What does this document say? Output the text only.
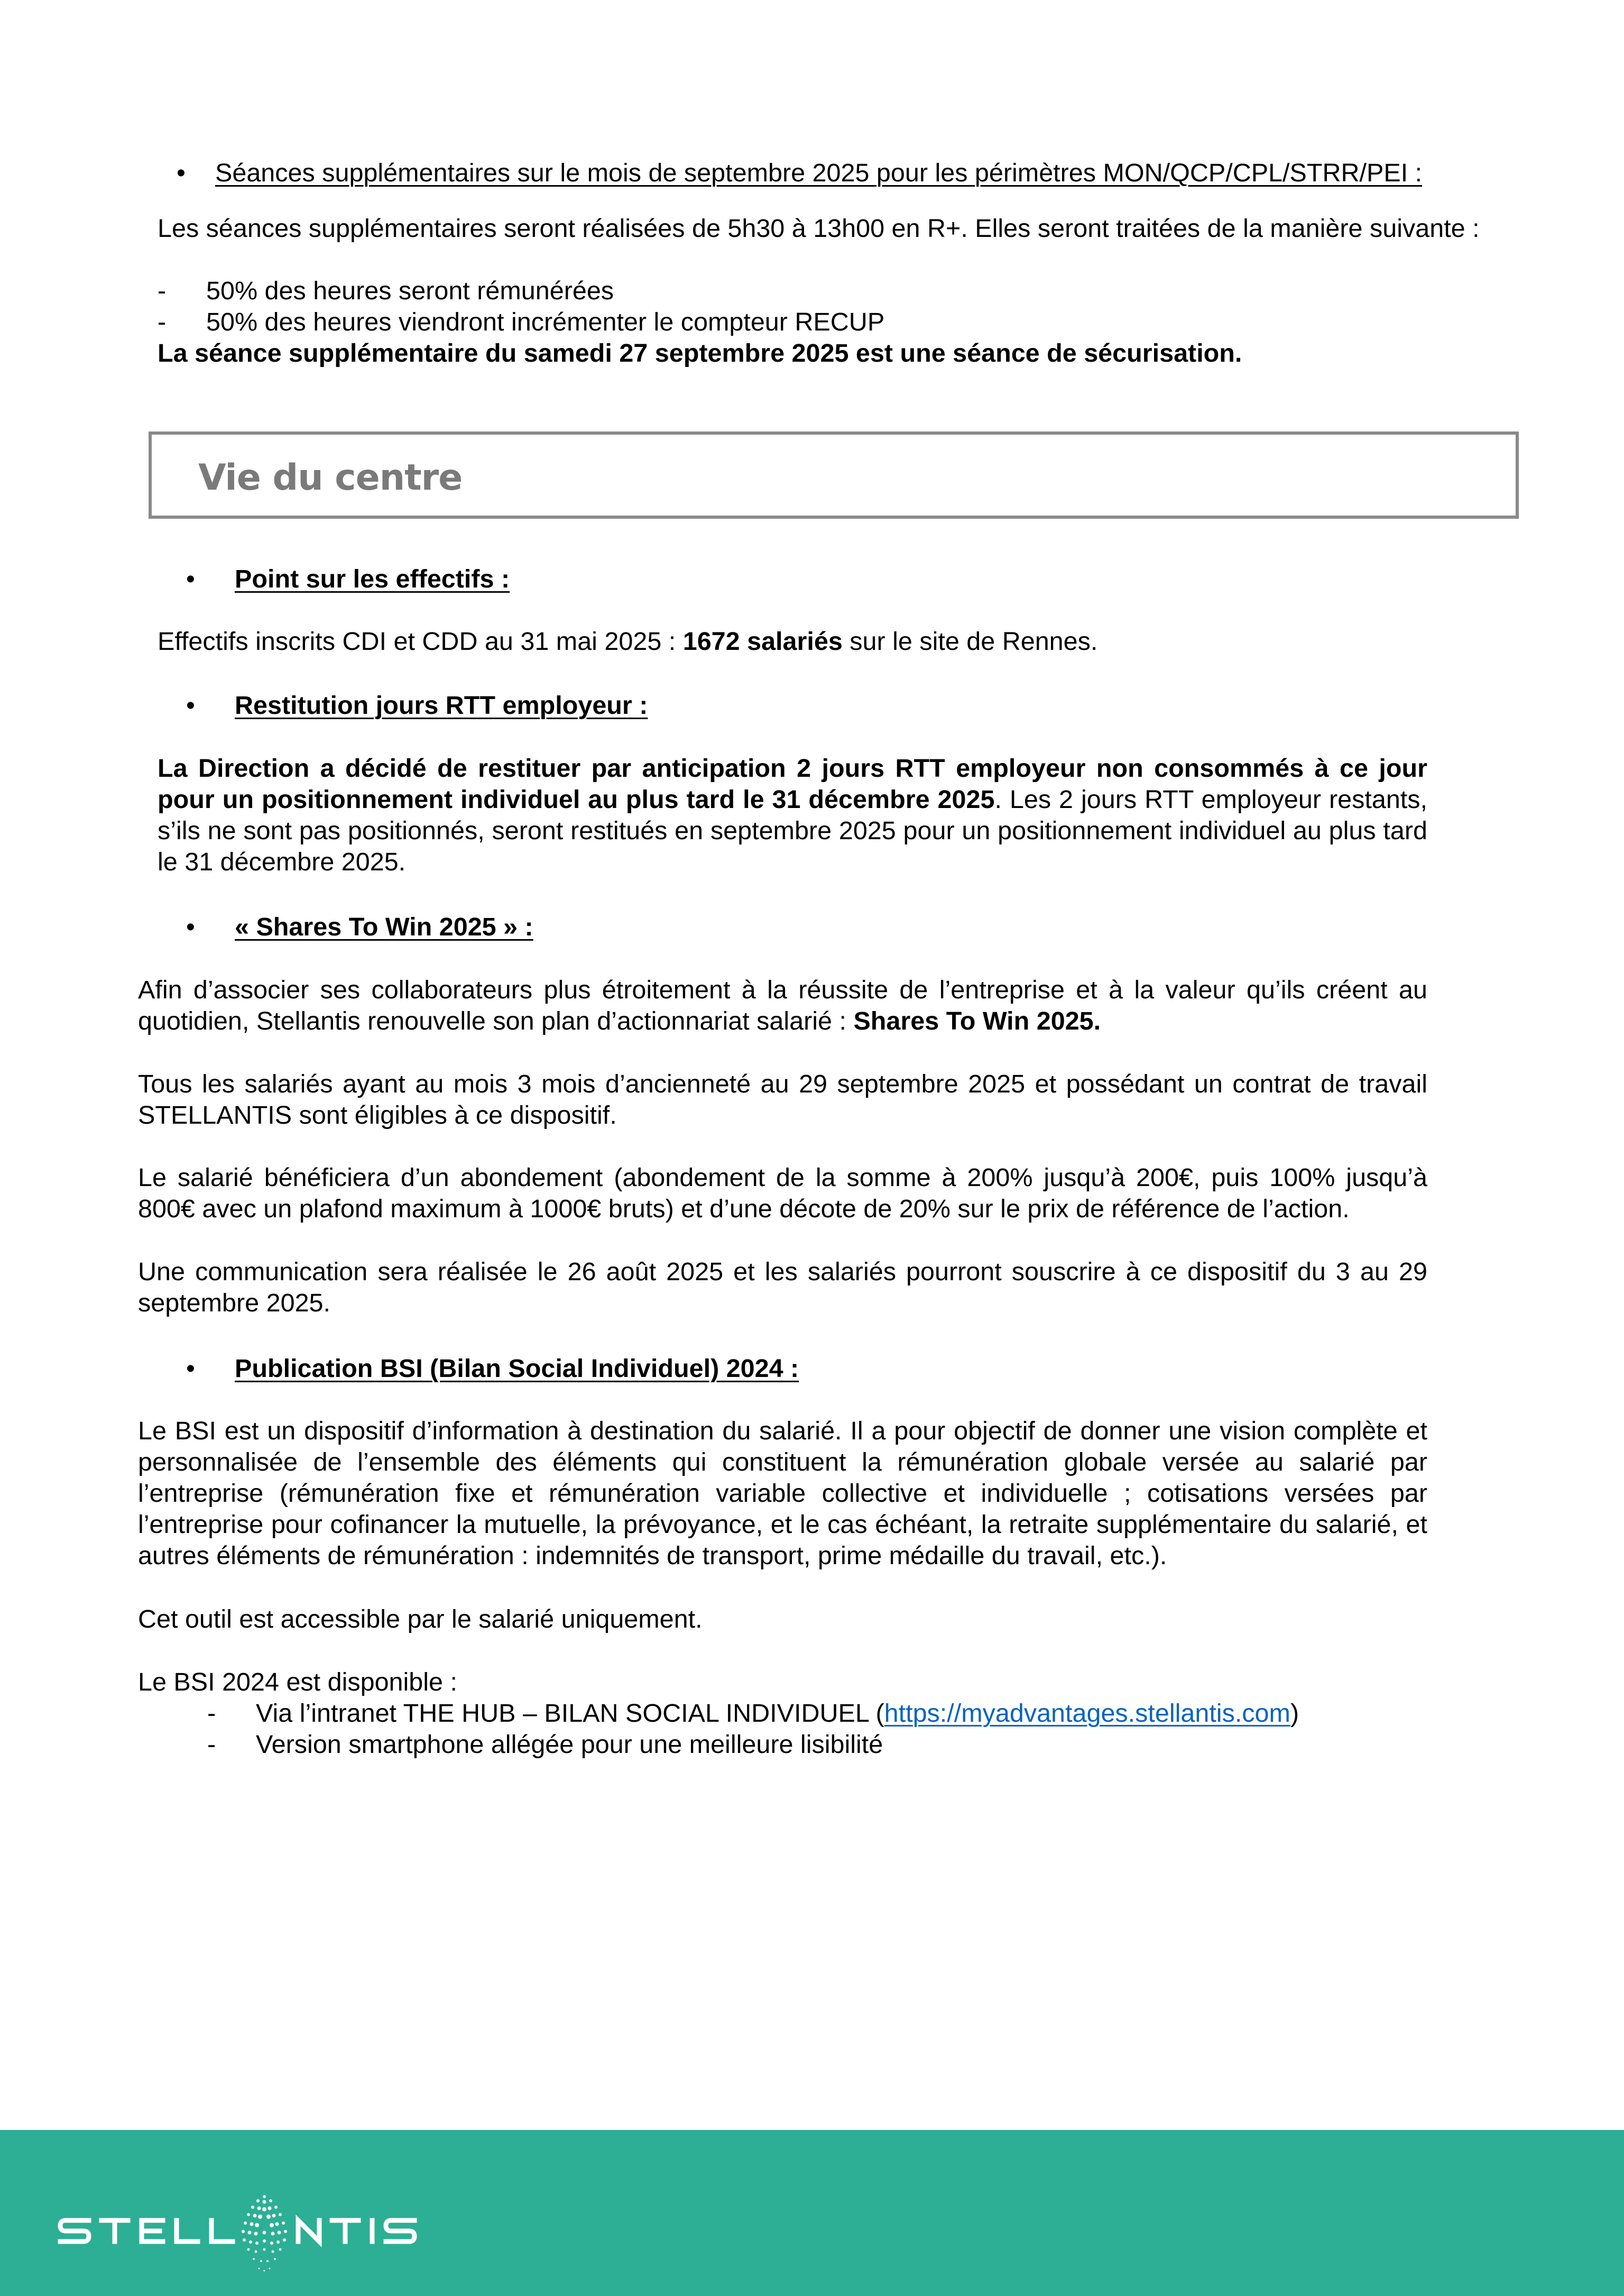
• Séances supplémentaires sur le mois de septembre 2025 pour les périmètres MON/QCP/CPL/STRR/PEI :
Les séances supplémentaires seront réalisées de 5h30 à 13h00 en R+. Elles seront traitées de la manière suivante :
- 50% des heures seront rémunérées
- 50% des heures viendront incrémenter le compteur RECUP
La séance supplémentaire du samedi 27 septembre 2025 est une séance de sécurisation.
Vie du centre
• Point sur les effectifs :
Effectifs inscrits CDI et CDD au 31 mai 2025 : 1672 salariés sur le site de Rennes.
• Restitution jours RTT employeur :
La Direction a décidé de restituer par anticipation 2 jours RTT employeur non consommés à ce jour pour un positionnement individuel au plus tard le 31 décembre 2025. Les 2 jours RTT employeur restants, s’ils ne sont pas positionnés, seront restitués en septembre 2025 pour un positionnement individuel au plus tard le 31 décembre 2025.
• « Shares To Win 2025 » :
Afin d’associer ses collaborateurs plus étroitement à la réussite de l’entreprise et à la valeur qu’ils créent au quotidien, Stellantis renouvelle son plan d’actionnariat salarié : Shares To Win 2025.
Tous les salariés ayant au mois 3 mois d’ancienneté au 29 septembre 2025 et possédant un contrat de travail STELLANTIS sont éligibles à ce dispositif.
Le salarié bénéficiera d’un abondement (abondement de la somme à 200% jusqu’à 200€, puis 100% jusqu’à 800€ avec un plafond maximum à 1000€ bruts) et d’une décote de 20% sur le prix de référence de l’action.
Une communication sera réalisée le 26 août 2025 et les salariés pourront souscrire à ce dispositif du 3 au 29 septembre 2025.
• Publication BSI (Bilan Social Individuel) 2024 :
Le BSI est un dispositif d’information à destination du salarié. Il a pour objectif de donner une vision complète et personnalisée de l’ensemble des éléments qui constituent la rémunération globale versée au salarié par l’entreprise (rémunération fixe et rémunération variable collective et individuelle ; cotisations versées par l’entreprise pour cofinancer la mutuelle, la prévoyance, et le cas échéant, la retraite supplémentaire du salarié, et autres éléments de rémunération : indemnités de transport, prime médaille du travail, etc.).
Cet outil est accessible par le salarié uniquement.
Le BSI 2024 est disponible :
- Via l’intranet THE HUB – BILAN SOCIAL INDIVIDUEL (https://myadvantages.stellantis.com)
- Version smartphone allégée pour une meilleure lisibilité
